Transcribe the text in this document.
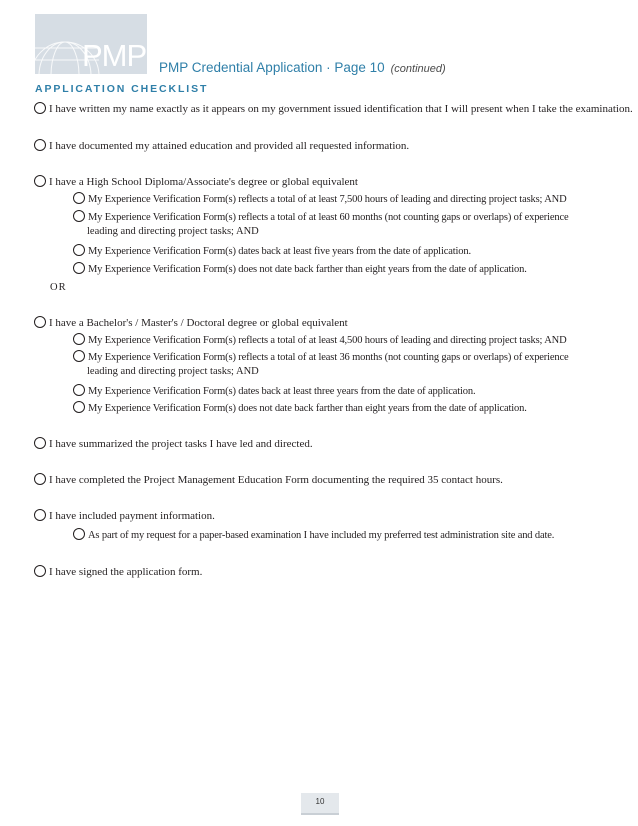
PMP PMP Credential Application · Page 10 (continued)
APPLICATION CHECKLIST
I have written my name exactly as it appears on my government issued identification that I will present when I take the examination.
I have documented my attained education and provided all requested information.
I have a High School Diploma/Associate's degree or global equivalent
My Experience Verification Form(s) reflects a total of at least 7,500 hours of leading and directing project tasks; AND
My Experience Verification Form(s) reflects a total of at least 60 months (not counting gaps or overlaps) of experience
leading and directing project tasks; AND
My Experience Verification Form(s) dates back at least five years from the date of application.
My Experience Verification Form(s) does not date back farther than eight years from the date of application.
OR
I have a Bachelor's / Master's / Doctoral degree or global equivalent
My Experience Verification Form(s) reflects a total of at least 4,500 hours of leading and directing project tasks; AND
My Experience Verification Form(s) reflects a total of at least 36 months (not counting gaps or overlaps) of experience
leading and directing project tasks; AND
My Experience Verification Form(s) dates back at least three years from the date of application.
My Experience Verification Form(s) does not date back farther than eight years from the date of application.
I have summarized the project tasks I have led and directed.
I have completed the Project Management Education Form documenting the required 35 contact hours.
I have included payment information.
As part of my request for a paper-based examination I have included my preferred test administration site and date.
I have signed the application form.
10
